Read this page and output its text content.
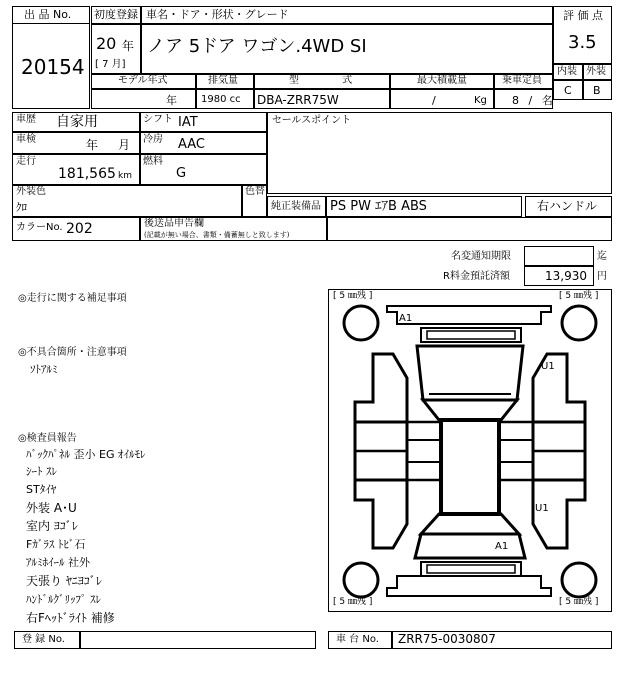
出 品 No.
20154
初度登録
20 年
[ 7 月]
車名・ドア・形状・グレード
ノア 5ドア ワゴン.4WD SI
評 価 点
3.5
内装 外装
C B
モデル年式
年
排気量
1980 cc
型 式
DBA-ZRR75W
最大積載量
/	Kg
乗車定員
8 / 名
車歴 自家用	シフト IAT	セールスポイント
車検	年 月 冷房 AAC
走行
181,565 km
燃料
G
外装色
ｸﾛ
色替
純正装備品 PS PW ｴｱB ABS	右ハンドル
カラーNo. 202	後送品申告欄
(記載が無い場合、書類・備蓄無しと致します)
名変通知期限	迄
R料金預託済額	13,930 円
◎走行に関する補足事項
◎不具合箇所・注意事項
ｿﾄｱﾙﾐ
◎検査員報告
ﾊﾞｯｸﾊﾟﾈﾙ 歪小 EG ｵｲﾙﾓﾚ
ｼｰﾄ ｽﾚ
STﾀｲﾔ
外装 A･U
室内 ﾖｺﾞﾚ
Fｶﾞﾗｽ ﾄﾋﾞ石
ｱﾙﾐﾎｲｰﾙ 社外
天張り ﾔﾆﾖｺﾞﾚ
ﾊﾝﾄﾞﾙｸﾞﾘｯﾌﾟ ｽﾚ
右Fﾍｯﾄﾞﾗｲﾄ 補修
[ 5 ㎜残 ]	[ 5 ㎜残 ]
[ 5 ㎜残 ]	[ 5 ㎜残 ]
A1
U1
U1
A1
登 録 No.	車 台 No. ZRR75-0030807
